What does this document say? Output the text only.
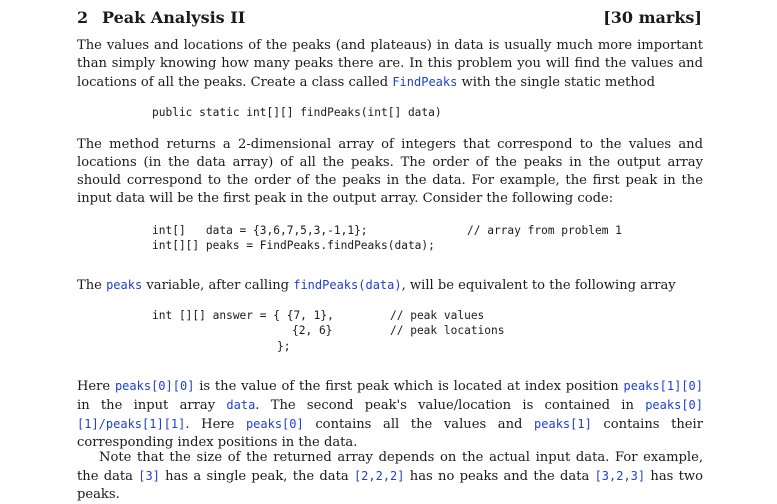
2 Peak Analysis II	[30 marks]

The values and locations of the peaks (and plateaus) in data is usually much more important than simply knowing how many peaks there are. In this problem you will find the values and locations of all the peaks. Create a class called FindPeaks with the single static method

public static int[][] findPeaks(int[] data)

The method returns a 2-dimensional array of integers that correspond to the values and locations (in the data array) of all the peaks. The order of the peaks in the output array should correspond to the order of the peaks in the data. For example, the first peak in the input data will be the first peak in the output array. Consider the following code:

int[]   data = {3,6,7,5,3,-1,1};	// array from problem 1
int[][] peaks = FindPeaks.findPeaks(data);

The peaks variable, after calling findPeaks(data), will be equivalent to the following array

int [][] answer = { {7, 1},	// peak values
{2, 6}	// peak locations
};

Here peaks[0][0] is the value of the first peak which is located at index position peaks[1][0] in the input array data. The second peak's value/location is contained in peaks[0][1]/peaks[1][1]. Here peaks[0] contains all the values and peaks[1] contains their corresponding index positions in the data.

Note that the size of the returned array depends on the actual input data. For example, the data [3] has a single peak, the data [2,2,2] has no peaks and the data [3,2,3] has two peaks.
